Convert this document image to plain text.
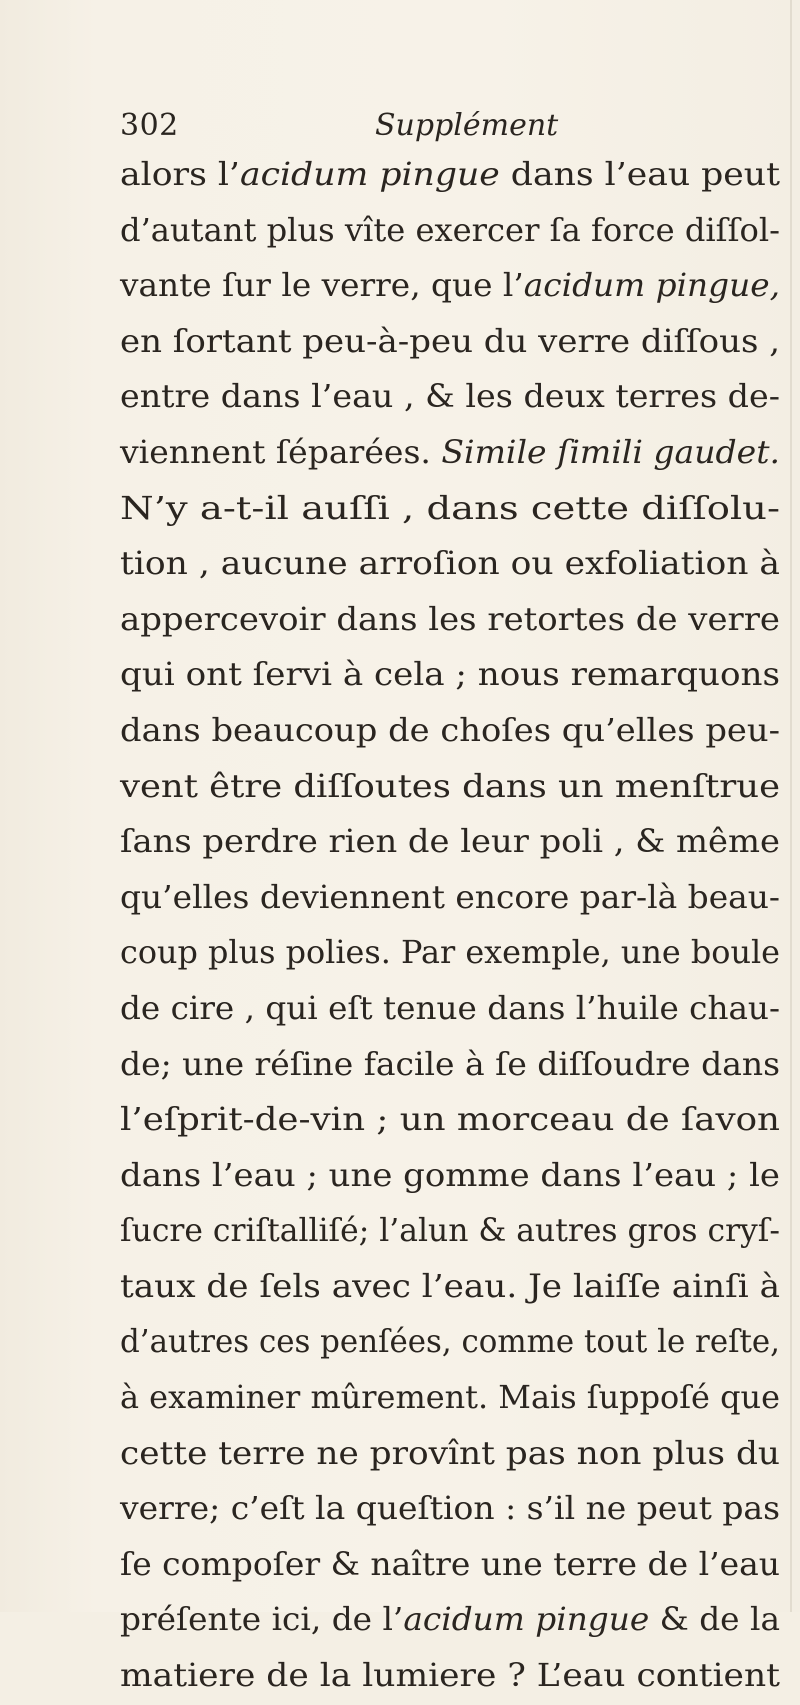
302	Supplément
alors l’acidum pingue dans l’eau peut
d’autant plus vîte exercer ſa force diſſol-
vante ſur le verre, que l’acidum pingue,
en ſortant peu-à-peu du verre diſſous ,
entre dans l’eau , & les deux terres de-
viennent ſéparées. Simile ſimili gaudet.
N’y a-t-il auſſi , dans cette diſſolu-
tion , aucune arroſion ou exfoliation à
appercevoir dans les retortes de verre
qui ont ſervi à cela ; nous remarquons
dans beaucoup de choſes qu’elles peu-
vent être diſſoutes dans un menſtrue
ſans perdre rien de leur poli , & même
qu’elles deviennent encore par-là beau-
coup plus polies. Par exemple, une boule
de cire , qui eſt tenue dans l’huile chau-
de; une réſine facile à ſe diſſoudre dans
l’eſprit-de-vin ; un morceau de ſavon
dans l’eau ; une gomme dans l’eau ; le
ſucre criſtalliſé; l’alun & autres gros cryſ-
taux de ſels avec l’eau. Je laiſſe ainſi à
d’autres ces penſées, comme tout le reſte,
à examiner mûrement. Mais ſuppoſé que
cette terre ne provînt pas non plus du
verre; c’eſt la queſtion : s’il ne peut pas
ſe compoſer & naître une terre de l’eau
préſente ici, de l’acidum pingue & de la
matiere de la lumiere ? L’eau contient
